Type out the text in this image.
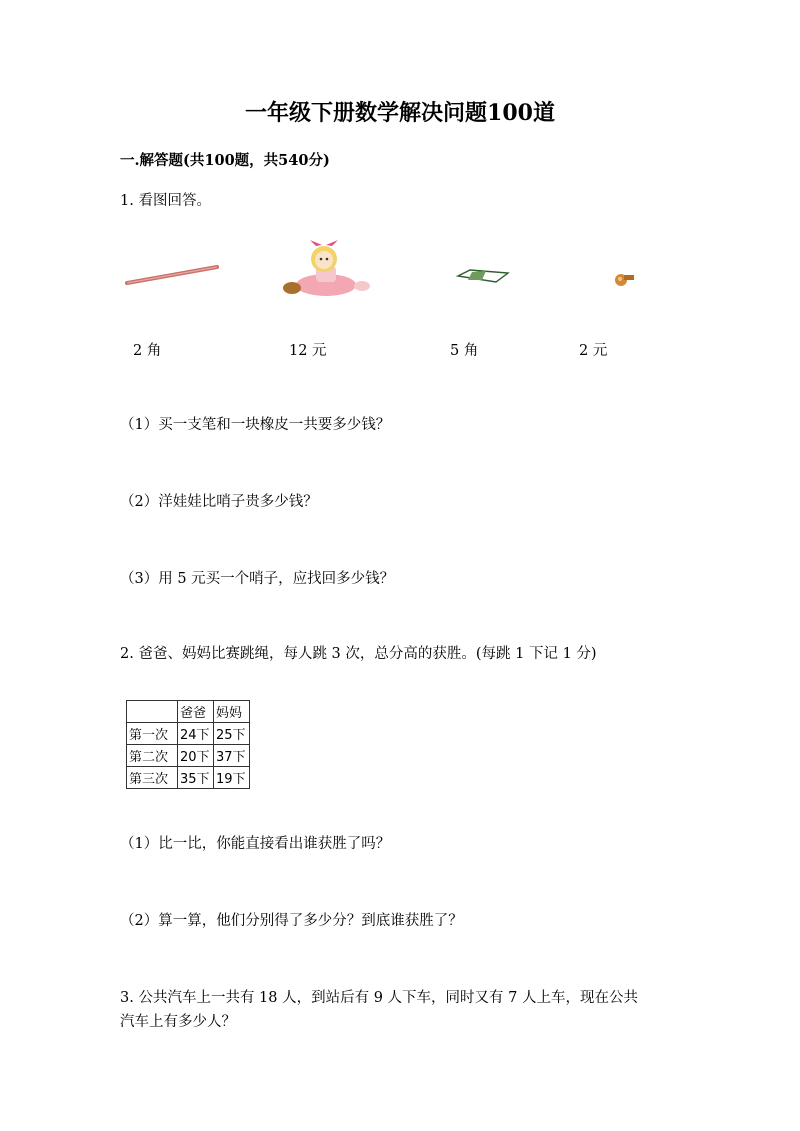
一年级下册数学解决问题100道
一.解答题(共100题，共540分)
1. 看图回答。
2 角	12 元	5 角	2 元
（1）买一支笔和一块橡皮一共要多少钱？
（2）洋娃娃比哨子贵多少钱？
（3）用 5 元买一个哨子，应找回多少钱？
2. 爸爸、妈妈比赛跳绳，每人跳 3 次，总分高的获胜。(每跳 1 下记 1 分)
	爸爸	妈妈
第一次	24下	25下
第二次	20下	37下
第三次	35下	19下
（1）比一比，你能直接看出谁获胜了吗？
（2）算一算，他们分别得了多少分？到底谁获胜了？
3. 公共汽车上一共有 18 人，到站后有 9 人下车，同时又有 7 人上车，现在公共
汽车上有多少人？
